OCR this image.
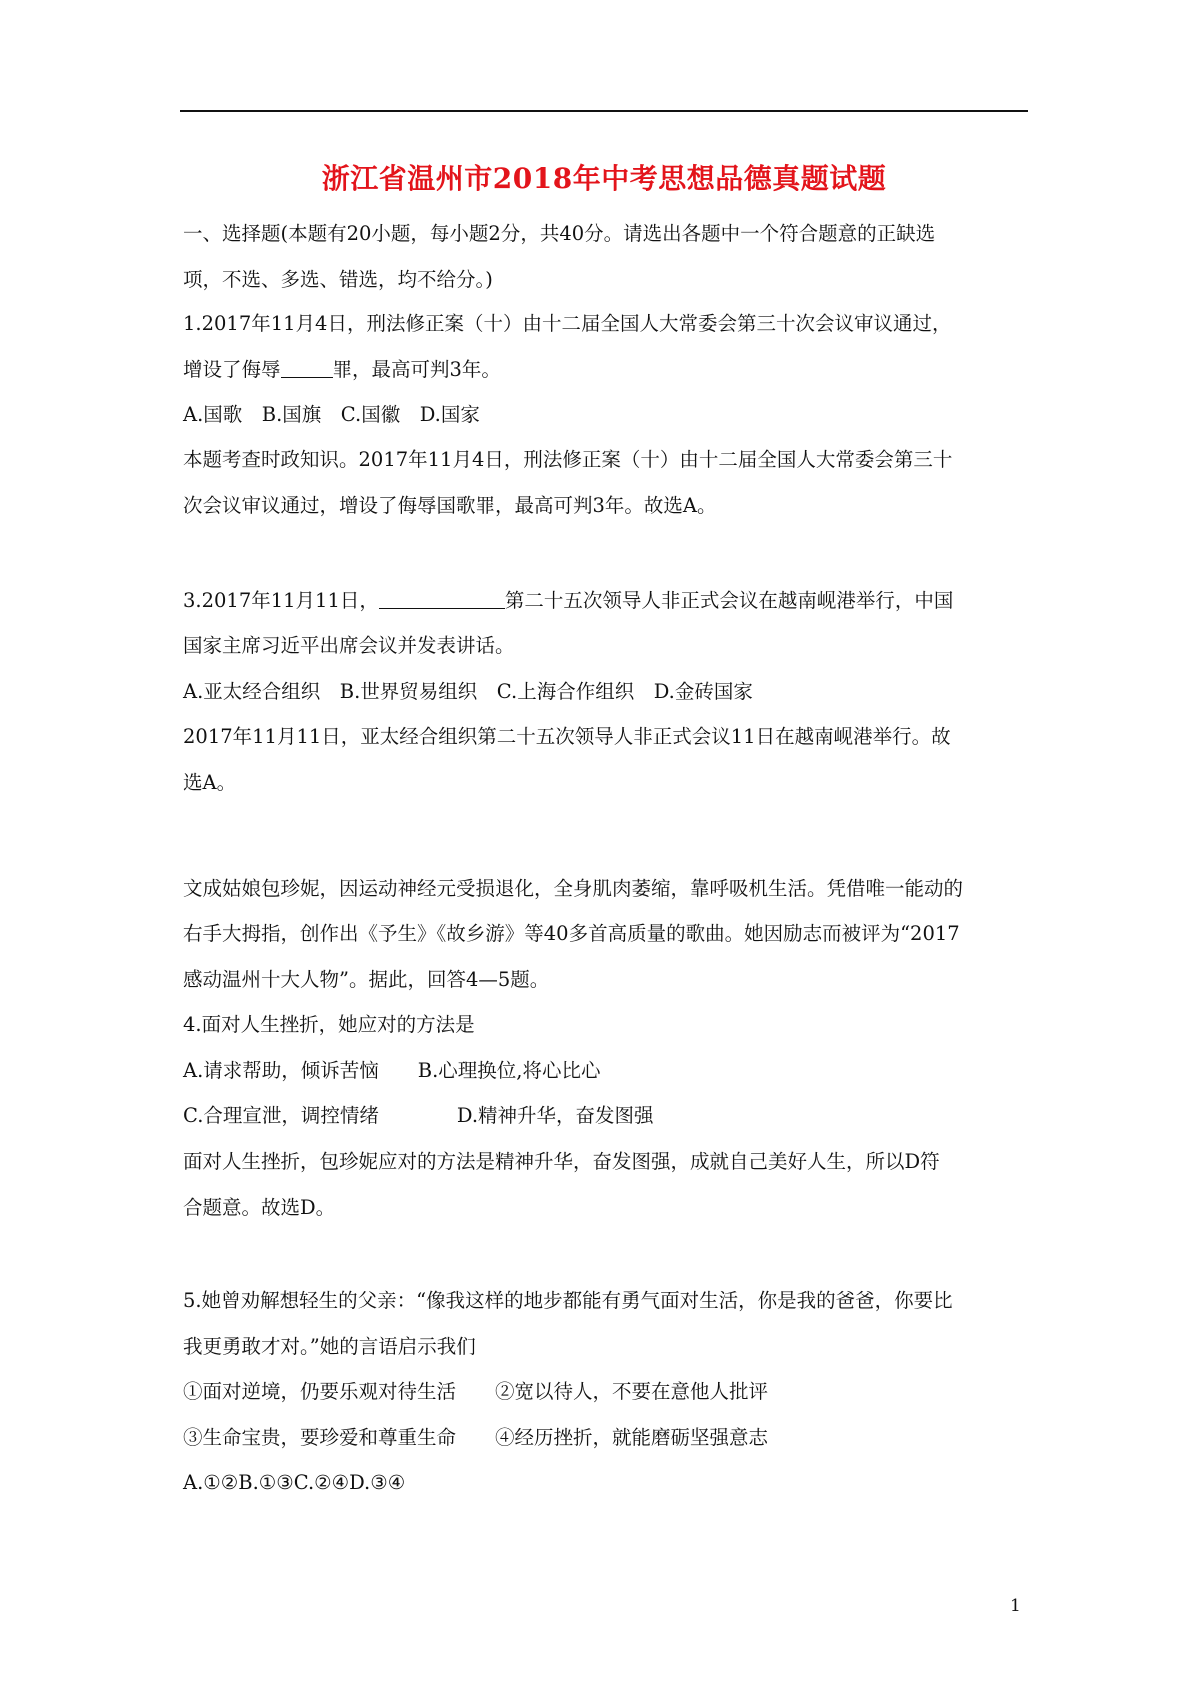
浙江省温州市2018年中考思想品德真题试题
一、选择题(本题有20小题，每小题2分，共40分。请选出各题中一个符合题意的正缺选
项，不选、多选、错选，均不给分。)
1.2017年11月4日，刑法修正案（十）由十二届全国人大常委会第三十次会议审议通过，
增设了侮辱	罪，最高可判3年。
A.国歌　B.国旗　C.国徽　D.国家
本题考查时政知识。2017年11月4日，刑法修正案（十）由十二届全国人大常委会第三十
次会议审议通过，增设了侮辱国歌罪，最高可判3年。故选A。
3.2017年11月11日，	第二十五次领导人非正式会议在越南岘港举行，中国
国家主席习近平出席会议并发表讲话。
A.亚太经合组织　B.世界贸易组织　C.上海合作组织　D.金砖国家
2017年11月11日，亚太经合组织第二十五次领导人非正式会议11日在越南岘港举行。故
选A。
文成姑娘包珍妮，因运动神经元受损退化，全身肌肉萎缩，靠呼吸机生活。凭借唯一能动的
右手大拇指，创作出《予生》《故乡游》等40多首高质量的歌曲。她因励志而被评为“2017
感动温州十大人物”。据此，回答4—5题。
4.面对人生挫折，她应对的方法是
A.请求帮助，倾诉苦恼　　B.心理换位,将心比心
C.合理宣泄，调控情绪　　　　D.精神升华，奋发图强
面对人生挫折，包珍妮应对的方法是精神升华，奋发图强，成就自己美好人生，所以D符
合题意。故选D。
5.她曾劝解想轻生的父亲：“像我这样的地步都能有勇气面对生活，你是我的爸爸，你要比
我更勇敢才对。”她的言语启示我们
①面对逆境，仍要乐观对待生活　　②宽以待人，不要在意他人批评
③生命宝贵，要珍爱和尊重生命　　④经历挫折，就能磨砺坚强意志
A.①②B.①③C.②④D.③④
1
